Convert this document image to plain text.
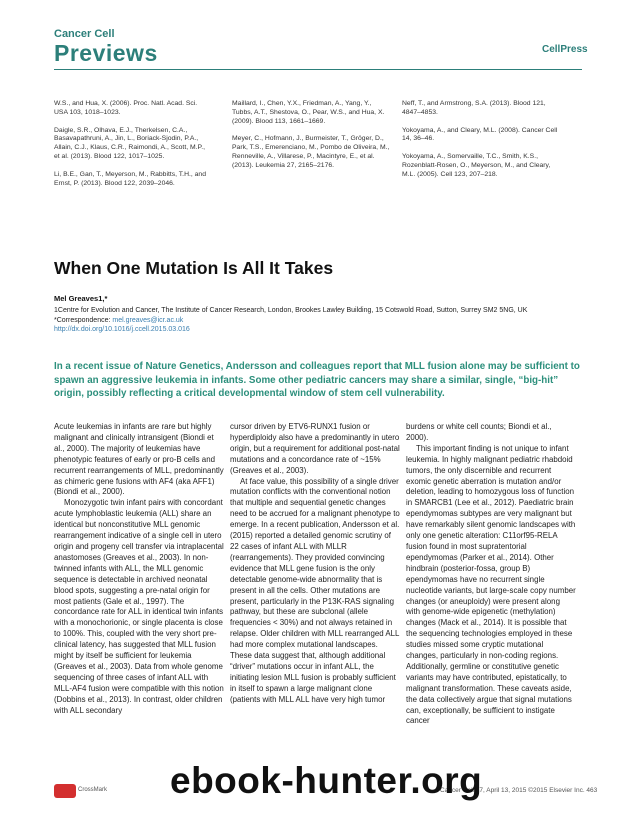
Cancer Cell
Previews	CellPress

W.S., and Hua, X. (2006). Proc. Natl. Acad. Sci. USA 103, 1018–1023.

Daigle, S.R., Olhava, E.J., Therkelsen, C.A., Basavapathruni, A., Jin, L., Boriack-Sjodin, P.A., Allain, C.J., Klaus, C.R., Raimondi, A., Scott, M.P., et al. (2013). Blood 122, 1017–1025.

Li, B.E., Gan, T., Meyerson, M., Rabbitts, T.H., and Ernst, P. (2013). Blood 122, 2039–2046.

Maillard, I., Chen, Y.X., Friedman, A., Yang, Y., Tubbs, A.T., Shestova, O., Pear, W.S., and Hua, X. (2009). Blood 113, 1661–1669.

Meyer, C., Hofmann, J., Burmeister, T., Gröger, D., Park, T.S., Emerenciano, M., Pombo de Oliveira, M., Renneville, A., Villarese, P., Macintyre, E., et al. (2013). Leukemia 27, 2165–2176.

Neff, T., and Armstrong, S.A. (2013). Blood 121, 4847–4853.

Yokoyama, A., and Cleary, M.L. (2008). Cancer Cell 14, 36–46.

Yokoyama, A., Somervaille, T.C., Smith, K.S., Rozenblatt-Rosen, O., Meyerson, M., and Cleary, M.L. (2005). Cell 123, 207–218.

When One Mutation Is All It Takes
Mel Greaves1,*
1Centre for Evolution and Cancer, The Institute of Cancer Research, London, Brookes Lawley Building, 15 Cotswold Road, Sutton, Surrey SM2 5NG, UK
*Correspondence: mel.greaves@icr.ac.uk
http://dx.doi.org/10.1016/j.ccell.2015.03.016
In a recent issue of Nature Genetics, Andersson and colleagues report that MLL fusion alone may be sufficient to spawn an aggressive leukemia in infants. Some other pediatric cancers may share a similar, single, “big-hit” origin, possibly reflecting a critical developmental window of stem cell vulnerability.

Acute leukemias in infants are rare but highly malignant and clinically intransigent (Biondi et al., 2000). The majority of leukemias have phenotypic features of early or pro-B cells and recurrent rearrangements of MLL, predominantly as chimeric gene fusions with AF4 (aka AFF1) (Biondi et al., 2000).

Monozygotic twin infant pairs with concordant acute lymphoblastic leukemia (ALL) share an identical but nonconstitutive MLL genomic rearrangement indicative of a single cell in utero origin and progeny cell transfer via intraplacental anastomoses (Greaves et al., 2003). In non-twinned infants with ALL, the MLL genomic sequence is detectable in archived neonatal blood spots, suggesting a pre-natal origin for most patients (Gale et al., 1997). The concordance rate for ALL in identical twin infants with a monochorionic, or single placenta is close to 100%. This, coupled with the very short pre-clinical latency, has suggested that MLL fusion might by itself be sufficient for leukemia (Greaves et al., 2003). Data from whole genome sequencing of three cases of infant ALL with MLL-AF4 fusion were compatible with this notion (Dobbins et al., 2013). In contrast, older children with ALL secondary

cursor driven by ETV6-RUNX1 fusion or hyperdiploidy also have a predominantly in utero origin, but a requirement for additional post-natal mutations and a concordance rate of ~15% (Greaves et al., 2003).

At face value, this possibility of a single driver mutation conflicts with the conventional notion that multiple and sequential genetic changes need to be accrued for a malignant phenotype to emerge. In a recent publication, Andersson et al. (2015) reported a detailed genomic scrutiny of 22 cases of infant ALL with MLLR (rearrangements). They provided convincing evidence that MLL gene fusion is the only detectable genome-wide abnormality that is present in all the cells. Other mutations are present, particularly in the P13K-RAS signaling pathway, but these are subclonal (allele frequencies < 30%) and not always retained in relapse. Older children with MLL rearranged ALL had more complex mutational landscapes. These data suggest that, although additional “driver” mutations occur in infant ALL, the initiating lesion MLL fusion is probably sufficient in itself to spawn a large malignant clone (patients with MLL ALL have very high tumor

burdens or white cell counts; Biondi et al., 2000).

This important finding is not unique to infant leukemia. In highly malignant pediatric rhabdoid tumors, the only discernible and recurrent exomic genetic aberration is mutation and/or deletion, leading to homozygous loss of function in SMARCB1 (Lee et al., 2012). Paediatric brain ependymomas subtypes are very malignant but have remarkably silent genomic landscapes with only one genetic alteration: C11orf95-RELA fusion found in most supratentorial ependymomas (Parker et al., 2014). Other hindbrain (posterior-fossa, group B) ependymomas have no recurrent single nucleotide variants, but large-scale copy number changes (or aneuploidy) were present along with genome-wide epigenetic (methylation) changes (Mack et al., 2014). It is possible that the sequencing technologies employed in these studies missed some cryptic mutational changes, particularly in non-coding regions. Additionally, germline or constitutive genetic variants may have contributed, epistatically, to malignant transformation. These caveats aside, the data collectively argue that signal mutations can, exceptionally, be sufficient to instigate cancer

CrossMark	Cancer Cell 27, April 13, 2015 ©2015 Elsevier Inc. 463
ebook-hunter.org
